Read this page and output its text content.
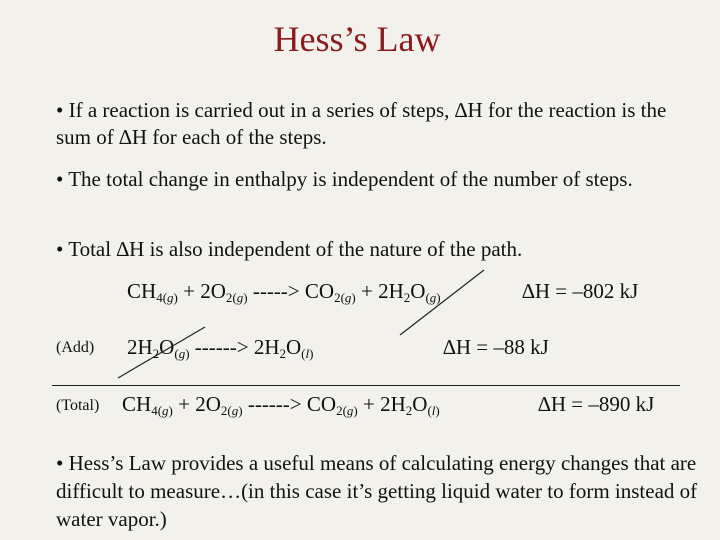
Hess’s Law
• If a reaction is carried out in a series of steps, ∆H for the reaction is the sum of ∆H for each of the steps.
• The total change in enthalpy is independent of the number of steps.
• Total ∆H is also independent of the nature of the path.
$CH_{4(g)} + 2O_{2(g)}$ -----> $CO_{2(g)} + 2H_2O_{(g)}$	∆H = –802 kJ
(Add) $2H_2O_{(g)}$ ------> $2H_2O_{(l)}$	∆H = –88 kJ
(Total) $CH_{4(g)} + 2O_{2(g)}$ ------> $CO_{2(g)} + 2H_2O_{(l)}$	∆H = –890 kJ
• Hess’s Law provides a useful means of calculating energy changes that are difficult to measure…(in this case it’s getting liquid water to form instead of water vapor.)
